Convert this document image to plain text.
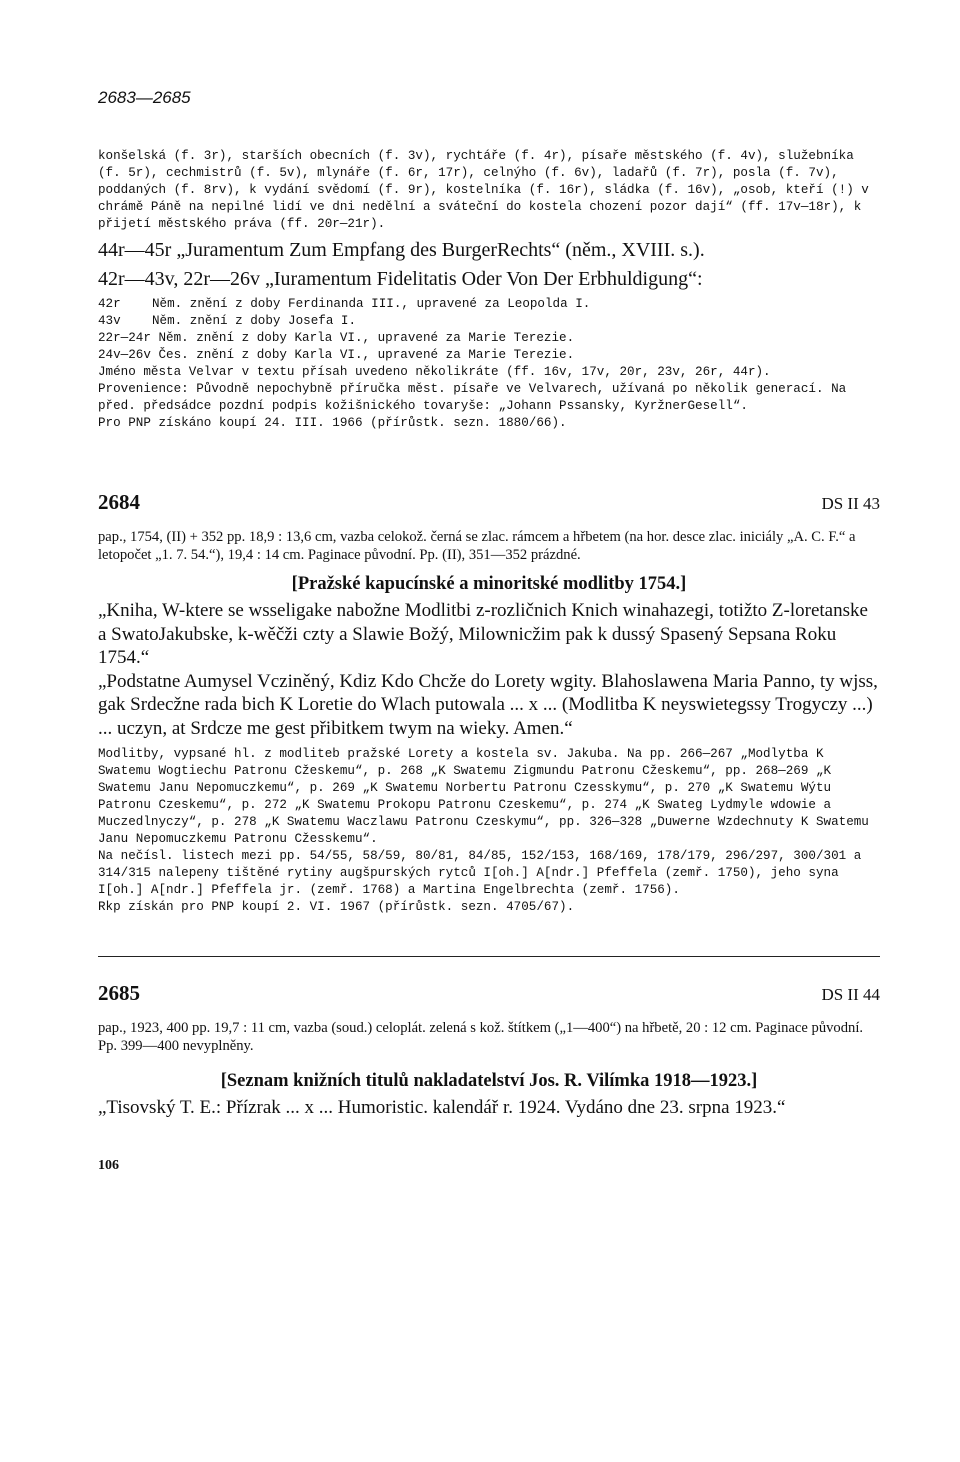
2683—2685

konšelská (f. 3r), starších obecních (f. 3v), rychtáře (f. 4r), písaře městského (f. 4v), služebníka (f. 5r), cechmistrů (f. 5v), mlynáře (f. 6r, 17r), celnýho (f. 6v), ladařů (f. 7r), posla (f. 7v), poddaných (f. 8rv), k vydání svědomí (f. 9r), kostelníka (f. 16r), sládka (f. 16v), „osob, kteří (!) v chrámě Páně na nepilné lidí ve dni nedělní a sváteční do kostela chození pozor dají“ (ff. 17v—18r), k přijetí městského práva (ff. 20r—21r).

44r—45r „Juramentum Zum Empfang des BurgerRechts“ (něm., XVIII. s.).

42r—43v, 22r—26v „Iuramentum Fidelitatis Oder Von Der Erbhuldigung“:

42r	Něm. znění z doby Ferdinanda III., upravené za Leopolda I.
43v	Něm. znění z doby Josefa I.

22r—24r Něm. znění z doby Karla VI., upravené za Marie Terezie.

24v—26v Čes. znění z doby Karla VI., upravené za Marie Terezie.

Jméno města Velvar v textu přísah uvedeno několikráte (ff. 16v, 17v, 20r, 23v, 26r, 44r).

Provenience: Původně nepochybně příručka měst. písaře ve Velvarech, užívaná po několik generací. Na před. předsádce pozdní podpis kožišnického tovaryše: „Johann Pssansky, KyržnerGesell“.

Pro PNP získáno koupí 24. III. 1966 (přírůstk. sezn. 1880/66).

2684	DS II 43

pap., 1754, (II) + 352 pp. 18,9 : 13,6 cm, vazba celokož. černá se zlac. rámcem a hřbetem (na hor. desce zlac. iniciály „A. C. F.“ a letopočet „1. 7. 54.“), 19,4 : 14 cm. Paginace původní. Pp. (II), 351—352 prázdné.

[Pražské kapucínské a minoritské modlitby 1754.]

„Kniha, W-ktere se wsseligake nabožne Modlitbi z-rozličnich Knich winahazegi, totižto Z-loretanske a SwatoJakubske, k-wěčži czty a Slawie Božý, Milownicžim pak k dussý Spasený Sepsana Roku 1754.“

„Podstatne Aumysel Vcziněný, Kdiz Kdo Chcže do Lorety wgity. Blahoslawena Maria Panno, ty wjss, gak Srdecžne rada bich K Loretie do Wlach putowala ... x ... (Modlitba K neyswietegssy Trogyczy ...) ... uczyn, at Srdcze me gest přibitkem twym na wieky. Amen.“

Modlitby, vypsané hl. z modliteb pražské Lorety a kostela sv. Jakuba. Na pp. 266—267 „Modlytba K Swatemu Wogtiechu Patronu Cžeskemu“, p. 268 „K Swatemu Zigmundu Patronu Cžeskemu“, pp. 268—269 „K Swatemu Janu Nepomuczkemu“, p. 269 „K Swatemu Norbertu Patronu Czesskymu“, p. 270 „K Swatemu Wýtu Patronu Czeskemu“, p. 272 „K Swatemu Prokopu Patronu Czeskemu“, p. 274 „K Swateg Lydmyle wdowie a Muczedlnyczy“, p. 278 „K Swatemu Waczlawu Patronu Czeskymu“, pp. 326—328 „Duwerne Wzdechnuty K Swatemu Janu Nepomuczkemu Patronu Cžesskemu“.

Na nečísl. listech mezi pp. 54/55, 58/59, 80/81, 84/85, 152/153, 168/169, 178/179, 296/297, 300/301 a 314/315 nalepeny tištěné rytiny augšpurských rytců I[oh.] A[ndr.] Pfeffela (zemř. 1750), jeho syna I[oh.] A[ndr.] Pfeffela jr. (zemř. 1768) a Martina Engelbrechta (zemř. 1756).

Rkp získán pro PNP koupí 2. VI. 1967 (přírůstk. sezn. 4705/67).

2685	DS II 44

pap., 1923, 400 pp. 19,7 : 11 cm, vazba (soud.) celoplát. zelená s kož. štítkem („1—400“) na hřbetě, 20 : 12 cm. Paginace původní. Pp. 399—400 nevyplněny.

[Seznam knižních titulů nakladatelství Jos. R. Vilímka 1918—1923.]

„Tisovský T. E.: Přízrak ... x ... Humoristic. kalendář r. 1924. Vydáno dne 23. srpna 1923.“

106
